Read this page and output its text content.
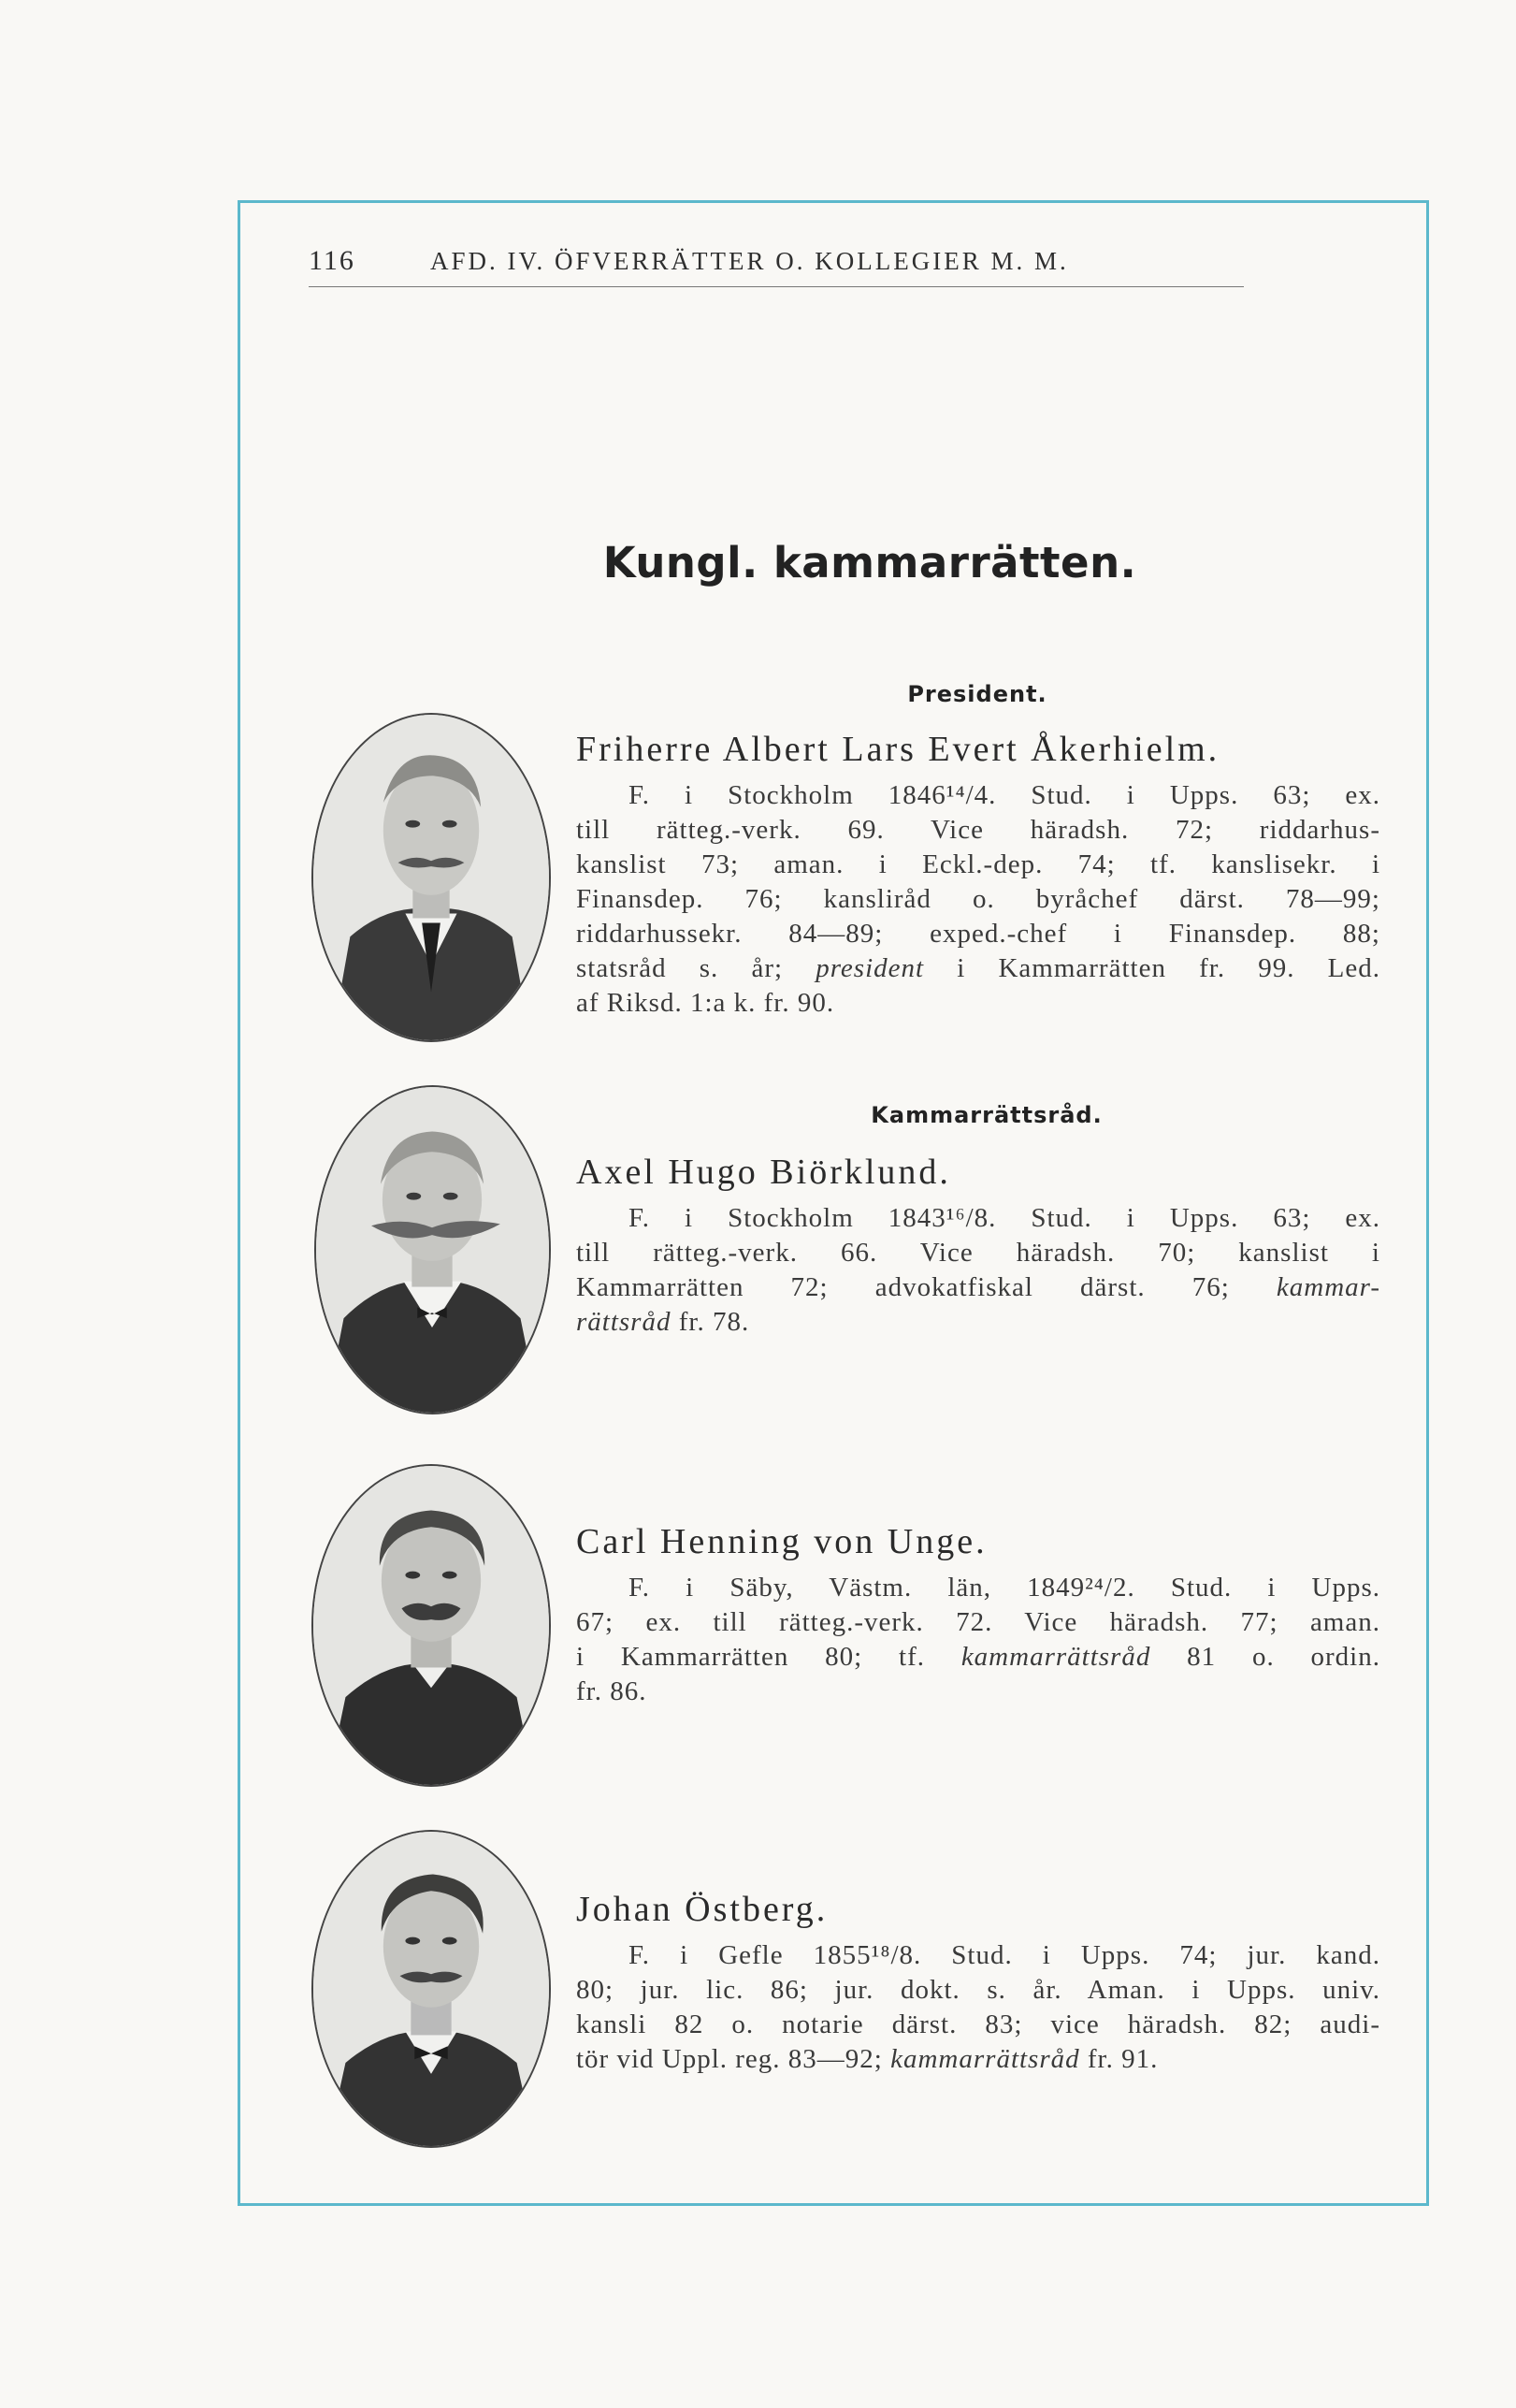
116	AFD. IV. ÖFVERRÄTTER O. KOLLEGIER M. M.
Kungl. kammarrätten.
President.
Friherre Albert Lars Evert Åkerhielm.
F. i Stockholm 1846¹⁴/4. Stud. i Upps. 63; ex.
till rätteg.-verk. 69. Vice häradsh. 72; riddarhus-
kanslist 73; aman. i Eckl.-dep. 74; tf. kanslisekr. i
Finansdep. 76; kansliråd o. byråchef därst. 78—99;
riddarhussekr. 84—89; exped.-chef i Finansdep. 88;
statsråd s. år; president i Kammarrätten fr. 99. Led.
af Riksd. 1:a k. fr. 90.
Kammarrättsråd.
Axel Hugo Biörklund.
F. i Stockholm 1843¹⁶/8. Stud. i Upps. 63; ex.
till rätteg.-verk. 66. Vice häradsh. 70; kanslist i
Kammarrätten 72; advokatfiskal därst. 76; kammar-
rättsråd fr. 78.
Carl Henning von Unge.
F. i Säby, Västm. län, 1849²⁴/2. Stud. i Upps.
67; ex. till rätteg.-verk. 72. Vice häradsh. 77; aman.
i Kammarrätten 80; tf. kammarrättsråd 81 o. ordin.
fr. 86.
Johan Östberg.
F. i Gefle 1855¹⁸/8. Stud. i Upps. 74; jur. kand.
80; jur. lic. 86; jur. dokt. s. år. Aman. i Upps. univ.
kansli 82 o. notarie därst. 83; vice häradsh. 82; audi-
tör vid Uppl. reg. 83—92; kammarrättsråd fr. 91.
